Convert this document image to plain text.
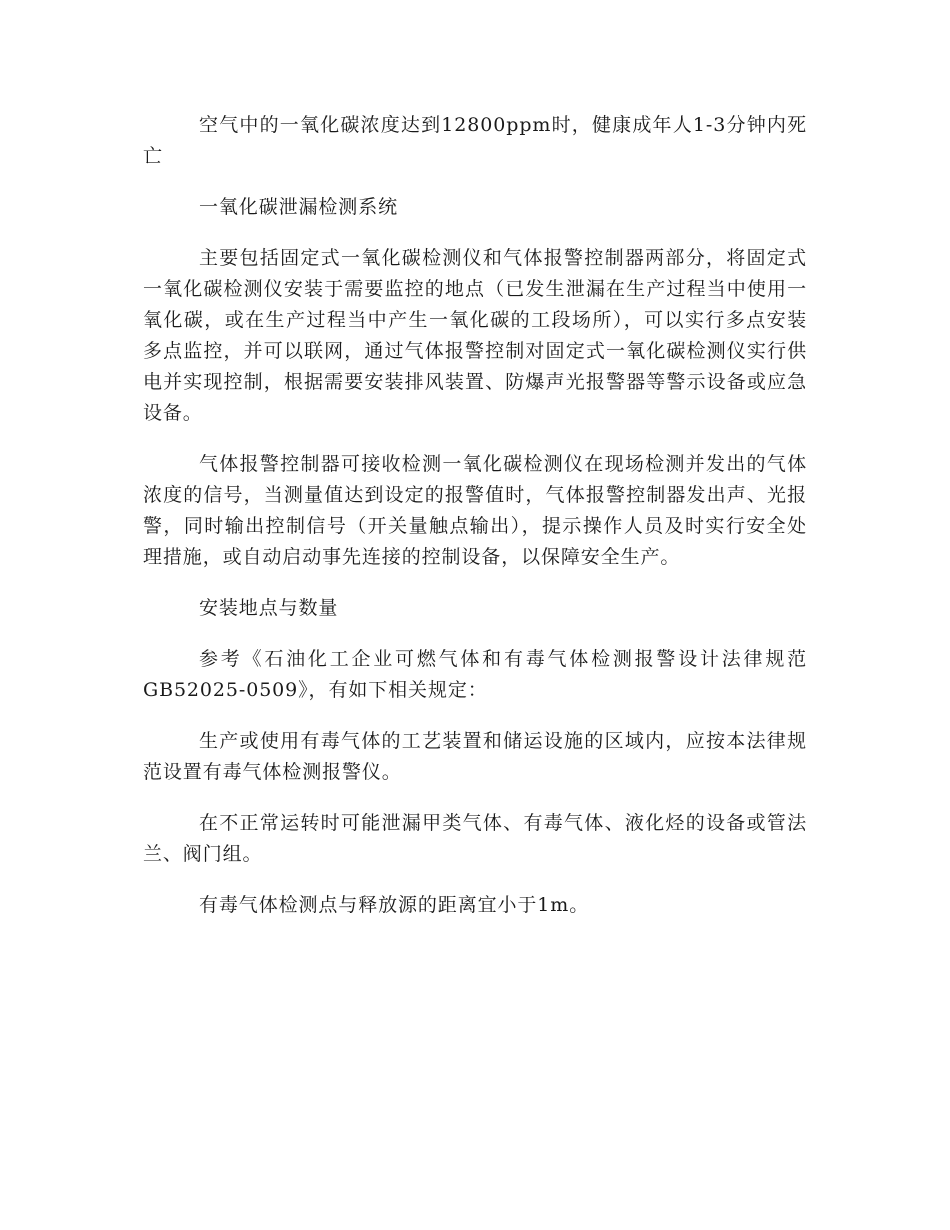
空气中的一氧化碳浓度达到12800ppm时，健康成年人1-3分钟内死亡

一氧化碳泄漏检测系统

主要包括固定式一氧化碳检测仪和气体报警控制器两部分，将固定式一氧化碳检测仪安装于需要监控的地点（已发生泄漏在生产过程当中使用一氧化碳，或在生产过程当中产生一氧化碳的工段场所），可以实行多点安装多点监控，并可以联网，通过气体报警控制对固定式一氧化碳检测仪实行供电并实现控制，根据需要安装排风装置、防爆声光报警器等警示设备或应急设备。

气体报警控制器可接收检测一氧化碳检测仪在现场检测并发出的气体浓度的信号，当测量值达到设定的报警值时，气体报警控制器发出声、光报警，同时输出控制信号（开关量触点输出），提示操作人员及时实行安全处理措施，或自动启动事先连接的控制设备，以保障安全生产。

安装地点与数量

参考《石油化工企业可燃气体和有毒气体检测报警设计法律规范GB52025-0509》，有如下相关规定：

生产或使用有毒气体的工艺装置和储运设施的区域内，应按本法律规范设置有毒气体检测报警仪。

在不正常运转时可能泄漏甲类气体、有毒气体、液化烃的设备或管法兰、阀门组。

有毒气体检测点与释放源的距离宜小于1m。
